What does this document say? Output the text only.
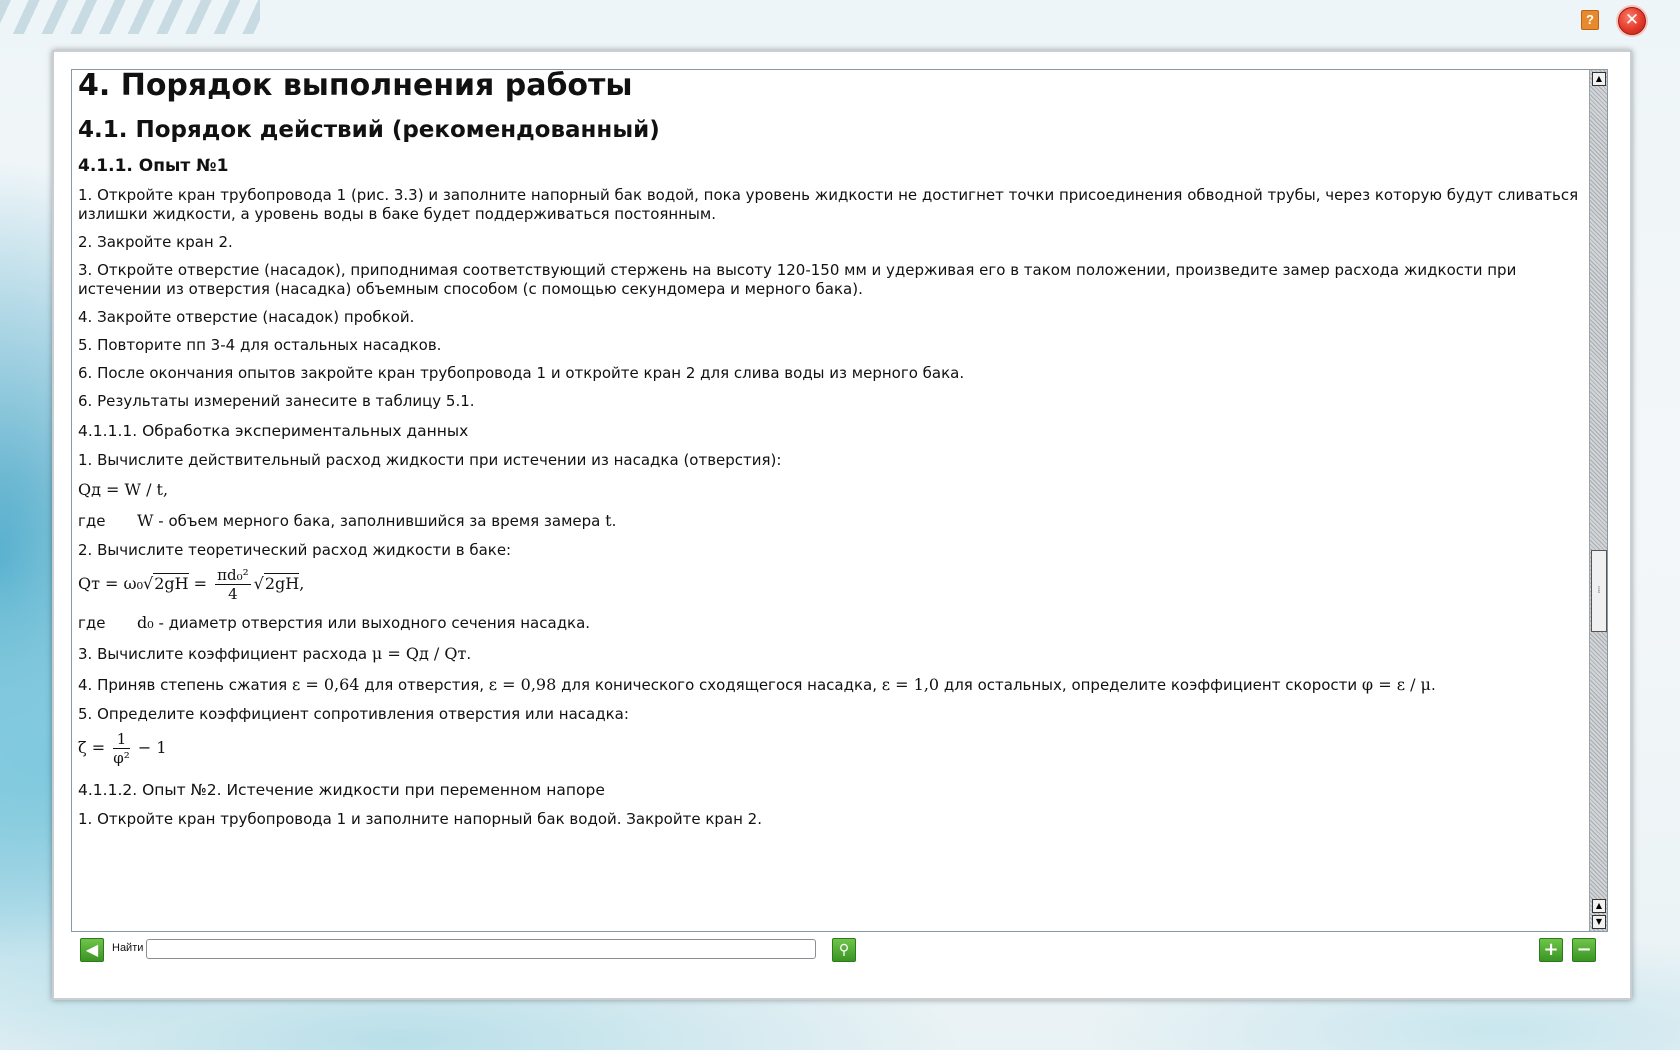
?	✕
4. Порядок выполнения работы
4.1. Порядок действий (рекомендованный)
4.1.1. Опыт №1

1. Откройте кран трубопровода 1 (рис. 3.3) и заполните напорный бак водой, пока уровень жидкости не достигнет точки присоединения обводной трубы, через которую будут сливаться излишки жидкости, а уровень воды в баке будет поддерживаться постоянным.

2. Закройте кран 2.

3. Откройте отверстие (насадок), приподнимая соответствующий стержень на высоту 120-150 мм и удерживая его в таком положении, произведите замер расхода жидкости при истечении из отверстия (насадка) объемным способом (с помощью секундомера и мерного бака).

4. Закройте отверстие (насадок) пробкой.

5. Повторите пп 3-4 для остальных насадков.

6. После окончания опытов закройте кран трубопровода 1 и откройте кран 2 для слива воды из мерного бака.

6. Результаты измерений занесите в таблицу 5.1.

4.1.1.1. Обработка экспериментальных данных

1. Вычислите действительный расход жидкости при истечении из насадка (отверстия):

Qд = W / t,

где W - объем мерного бака, заполнившийся за время замера t.

2. Вычислите теоретический расход жидкости в баке:

Qт = $\omega_0√2gH = \frac{\text{πd₀²}}{4} √2gH$,

где d₀ - диаметр отверстия или выходного сечения насадка.

3. Вычислите коэффициент расхода μ = Qд / Qт.

4. Приняв степень сжатия ε = 0,64 для отверстия, ε = 0,98 для конического сходящегося насадка, ε = 1,0 для остальных, определите коэффициент скорости φ = ε / μ.

5. Определите коэффициент сопротивления отверстия или насадка:

$\zeta = \frac{1}{\text{φ²}} - 1$
4.1.1.2. Опыт №2. Истечение жидкости при переменном напоре

1. Откройте кран трубопровода 1 и заполните напорный бак водой. Закройте кран 2.

▲
⁞
▲
▼
◀	Найти	⚲	+ −
